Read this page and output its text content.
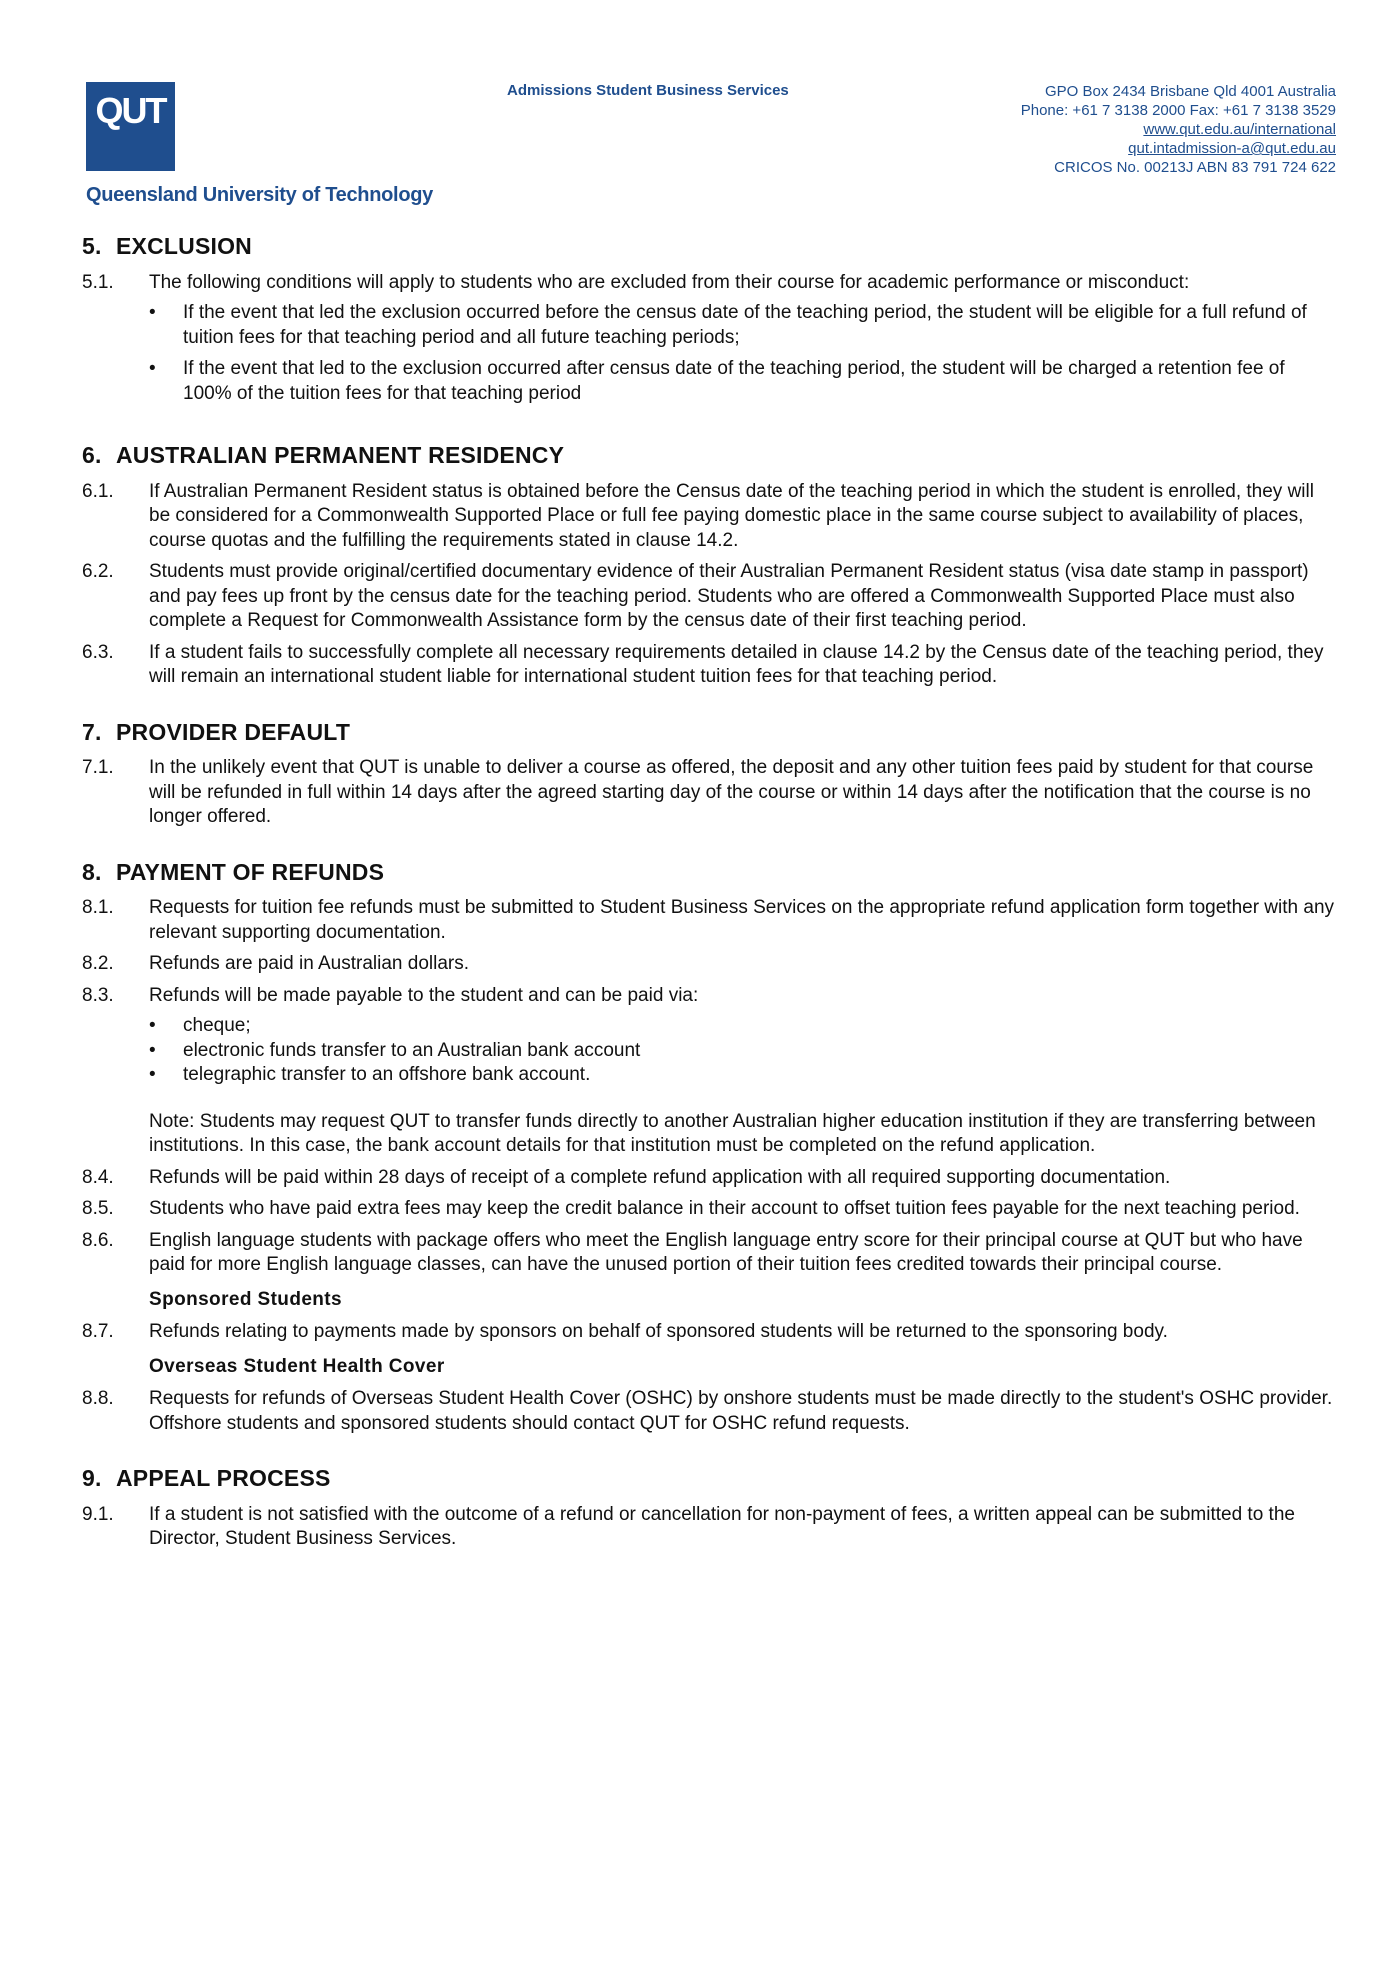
QUT
Queensland University of Technology
Admissions Student Business Services	GPO Box 2434 Brisbane Qld 4001 Australia
Phone: +61 7 3138 2000 Fax: +61 7 3138 3529
www.qut.edu.au/international
qut.intadmission-a@qut.edu.au
CRICOS No. 00213J ABN 83 791 724 622
5. EXCLUSION
5.1.	The following conditions will apply to students who are excluded from their course for academic performance or misconduct:
• If the event that led the exclusion occurred before the census date of the teaching period, the student will be eligible for a full refund of tuition fees for that teaching period and all future teaching periods;
• If the event that led to the exclusion occurred after census date of the teaching period, the student will be charged a retention fee of 100% of the tuition fees for that teaching period
6. AUSTRALIAN PERMANENT RESIDENCY
6.1.	If Australian Permanent Resident status is obtained before the Census date of the teaching period in which the student is enrolled, they will be considered for a Commonwealth Supported Place or full fee paying domestic place in the same course subject to availability of places, course quotas and the fulfilling the requirements stated in clause 14.2.
6.2.	Students must provide original/certified documentary evidence of their Australian Permanent Resident status (visa date stamp in passport) and pay fees up front by the census date for the teaching period. Students who are offered a Commonwealth Supported Place must also complete a Request for Commonwealth Assistance form by the census date of their first teaching period.
6.3.	If a student fails to successfully complete all necessary requirements detailed in clause 14.2 by the Census date of the teaching period, they will remain an international student liable for international student tuition fees for that teaching period.
7. PROVIDER DEFAULT
7.1.	In the unlikely event that QUT is unable to deliver a course as offered, the deposit and any other tuition fees paid by student for that course will be refunded in full within 14 days after the agreed starting day of the course or within 14 days after the notification that the course is no longer offered.
8. PAYMENT OF REFUNDS
8.1.	Requests for tuition fee refunds must be submitted to Student Business Services on the appropriate refund application form together with any relevant supporting documentation.
8.2.	Refunds are paid in Australian dollars.
8.3.	Refunds will be made payable to the student and can be paid via:
• cheque;
• electronic funds transfer to an Australian bank account
• telegraphic transfer to an offshore bank account.
Note: Students may request QUT to transfer funds directly to another Australian higher education institution if they are transferring between institutions. In this case, the bank account details for that institution must be completed on the refund application.
8.4.	Refunds will be paid within 28 days of receipt of a complete refund application with all required supporting documentation.
8.5.	Students who have paid extra fees may keep the credit balance in their account to offset tuition fees payable for the next teaching period.
8.6.	English language students with package offers who meet the English language entry score for their principal course at QUT but who have paid for more English language classes, can have the unused portion of their tuition fees credited towards their principal course.
Sponsored Students
8.7.	Refunds relating to payments made by sponsors on behalf of sponsored students will be returned to the sponsoring body.
Overseas Student Health Cover
8.8.	Requests for refunds of Overseas Student Health Cover (OSHC) by onshore students must be made directly to the student's OSHC provider. Offshore students and sponsored students should contact QUT for OSHC refund requests.
9. APPEAL PROCESS
9.1.	If a student is not satisfied with the outcome of a refund or cancellation for non-payment of fees, a written appeal can be submitted to the Director, Student Business Services.
